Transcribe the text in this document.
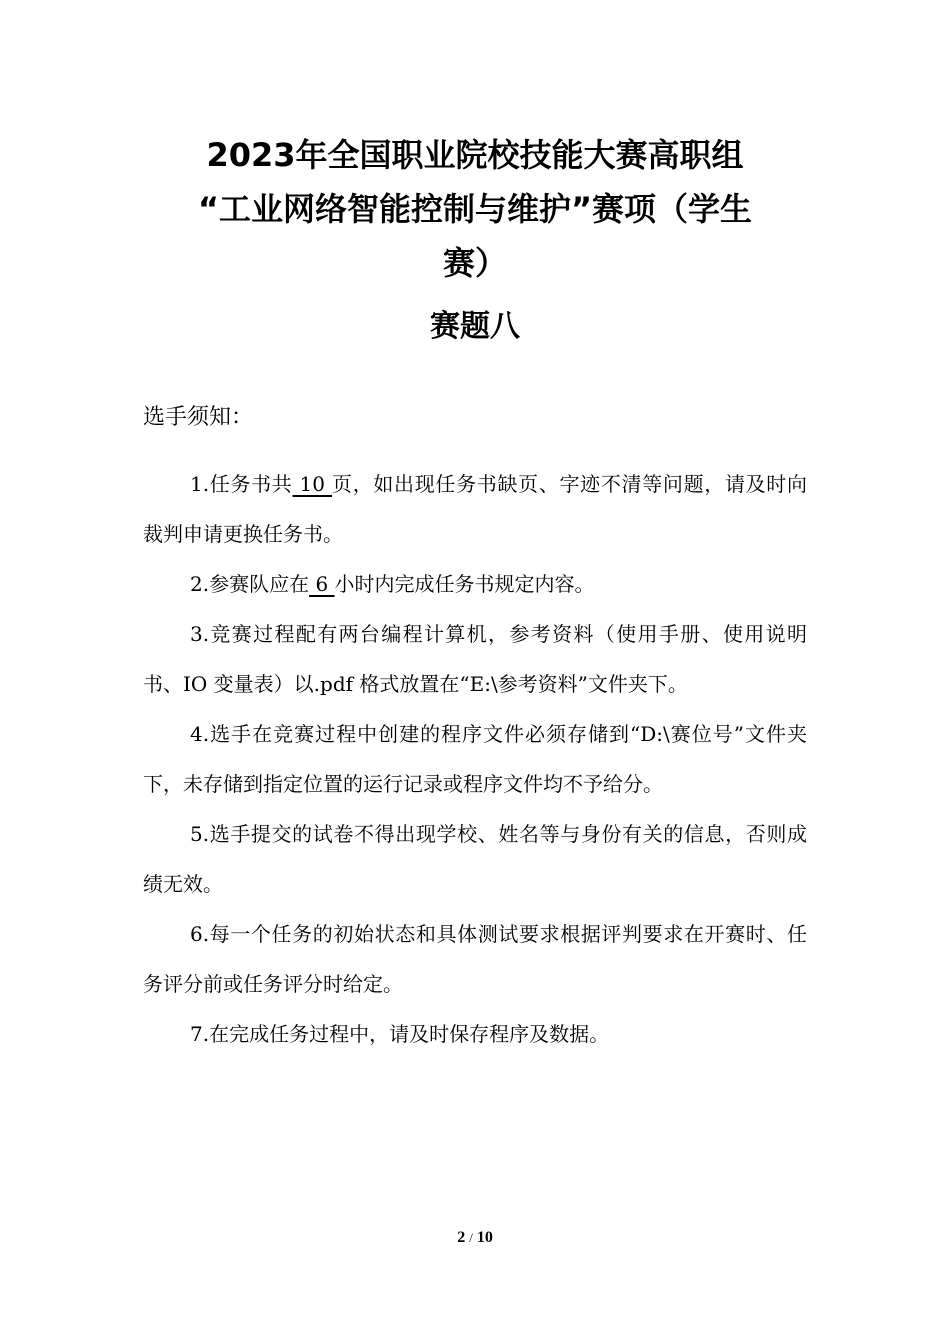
2023年全国职业院校技能大赛高职组
“工业网络智能控制与维护”赛项（学生
赛）
赛题八
选手须知：

1.任务书共 10 页，如出现任务书缺页、字迹不清等问题，请及时向裁判申请更换任务书。

2.参赛队应在 6 小时内完成任务书规定内容。

3.竞赛过程配有两台编程计算机，参考资料（使用手册、使用说明书、IO 变量表）以.pdf 格式放置在“E:\参考资料”文件夹下。

4.选手在竞赛过程中创建的程序文件必须存储到“D:\赛位号”文件夹下，未存储到指定位置的运行记录或程序文件均不予给分。

5.选手提交的试卷不得出现学校、姓名等与身份有关的信息，否则成绩无效。

6.每一个任务的初始状态和具体测试要求根据评判要求在开赛时、任务评分前或任务评分时给定。

7.在完成任务过程中，请及时保存程序及数据。

2 / 10
